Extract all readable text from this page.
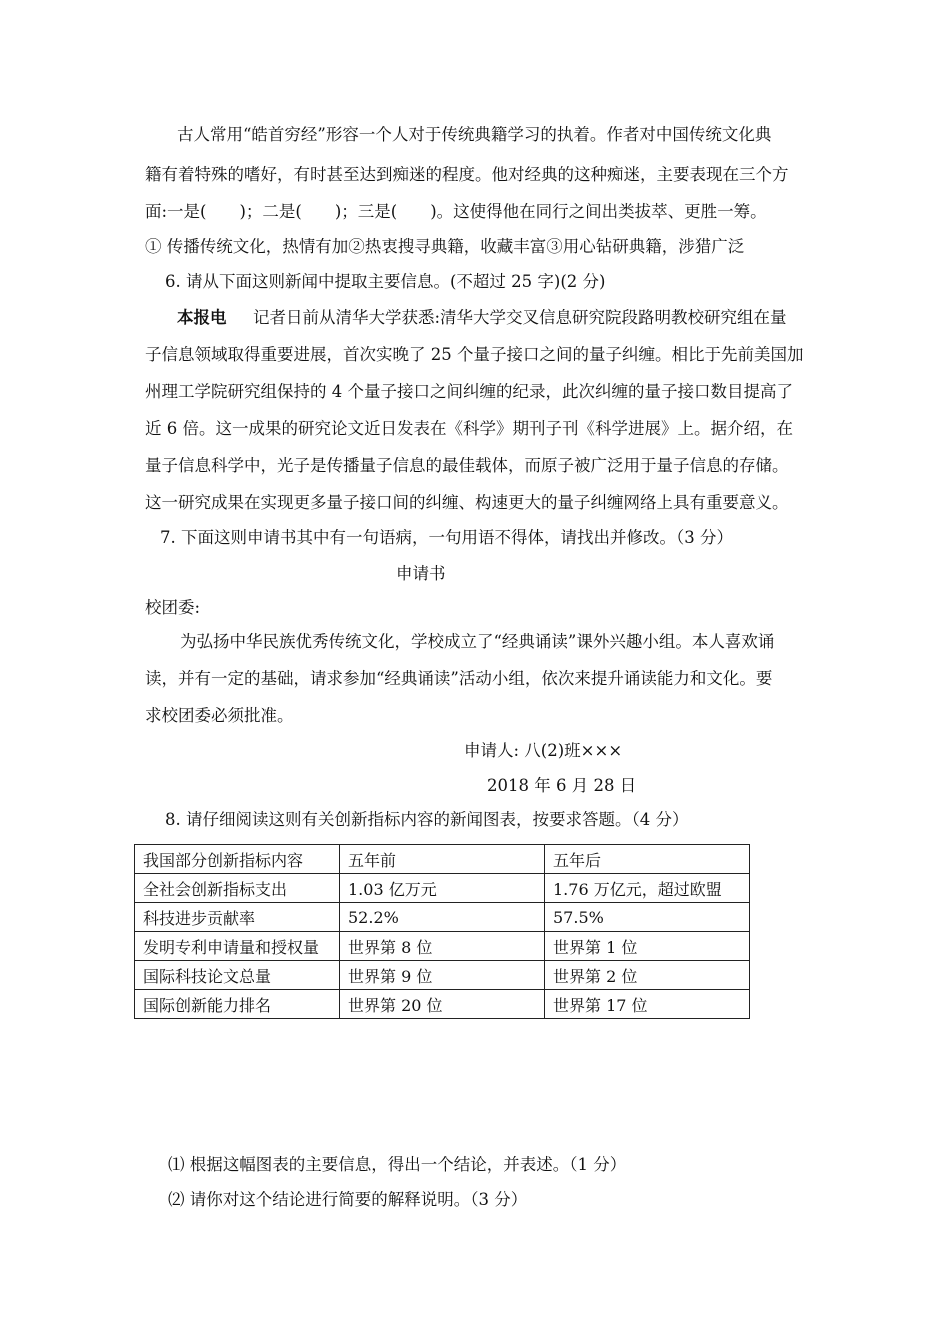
古人常用“皓首穷经”形容一个人对于传统典籍学习的执着。作者对中国传统文化典
籍有着特殊的嗜好，有时甚至达到痴迷的程度。他对经典的这种痴迷，主要表现在三个方
面:一是(　　)；二是(　　)；三是(　　)。这使得他在同行之间出类拔萃、更胜一筹。
① 传播传统文化，热情有加②热衷搜寻典籍，收藏丰富③用心钻研典籍，涉猎广泛
6. 请从下面这则新闻中提取主要信息。(不超过 25 字)(2 分)
本报电 记者日前从清华大学获悉:清华大学交叉信息研究院段路明教校研究组在量
子信息领域取得重要进展，首次实晚了 25 个量子接口之间的量子纠缠。相比于先前美国加
州理工学院研究组保持的 4 个量子接口之间纠缠的纪录，此次纠缠的量子接口数目提高了
近 6 倍。这一成果的研究论文近日发表在《科学》期刊子刊《科学进展》上。据介绍，在
量子信息科学中，光子是传播量子信息的最佳载体，而原子被广泛用于量子信息的存储。
这一研究成果在实现更多量子接口间的纠缠、构速更大的量子纠缠网络上具有重要意义。
7. 下面这则申请书其中有一句语病，一句用语不得体，请找出并修改。（3 分）
申请书
校团委:
为弘扬中华民族优秀传统文化，学校成立了“经典诵读”课外兴趣小组。本人喜欢诵
读，并有一定的基础，请求参加“经典诵读”活动小组，依次来提升诵读能力和文化。要
求校团委必须批准。
申请人: 八(2)班×××
2018 年 6 月 28 日
8. 请仔细阅读这则有关创新指标内容的新闻图表，按要求答题。（4 分）
我国部分创新指标内容	五年前	五年后
全社会创新指标支出	1.03 亿万元	1.76 万亿元，超过欧盟
科技进步贡献率	52.2%	57.5%
发明专利申请量和授权量	世界第 8 位	世界第 1 位
国际科技论文总量	世界第 9 位	世界第 2 位
国际创新能力排名	世界第 20 位	世界第 17 位
⑴ 根据这幅图表的主要信息，得出一个结论，并表述。（1 分）
⑵ 请你对这个结论进行简要的解释说明。（3 分）
